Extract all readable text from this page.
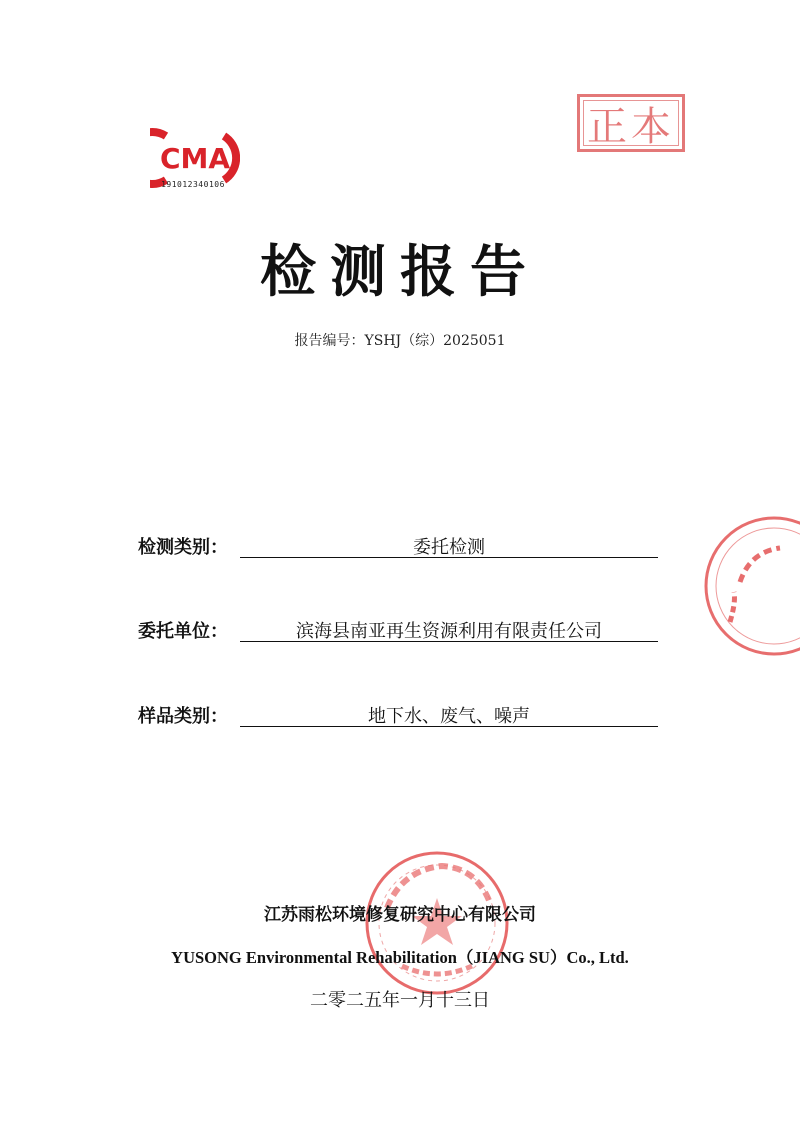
CMA
191012340106
正本
检测报告
报告编号：YSHJ（综）2025051
检测类别：	委托检测
委托单位：	滨海县南亚再生资源利用有限责任公司
样品类别：	地下水、废气、噪声
江苏雨松环境修复研究中心有限公司
YUSONG Environmental Rehabilitation（JIANG SU）Co., Ltd.
二零二五年一月十三日
